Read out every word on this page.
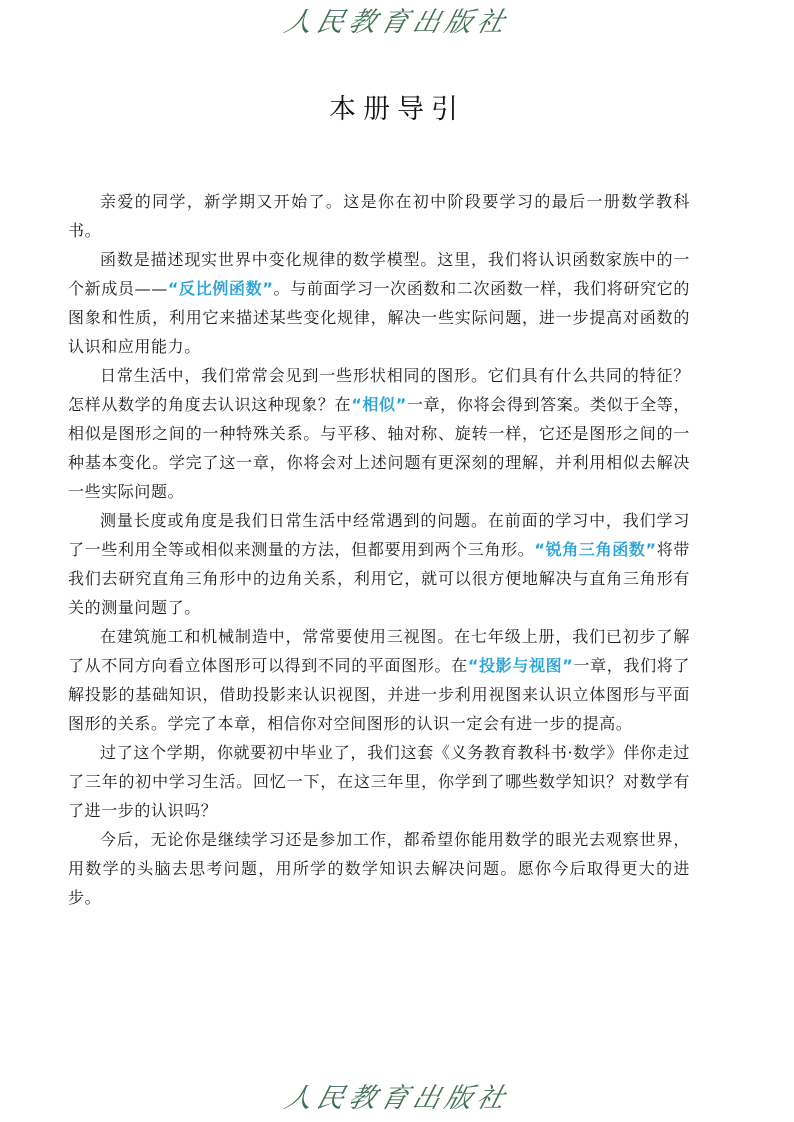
人民教育出版社
本册导引

亲爱的同学，新学期又开始了。这是你在初中阶段要学习的最后一册数学教科书。

函数是描述现实世界中变化规律的数学模型。这里，我们将认识函数家族中的一个新成员——“反比例函数”。与前面学习一次函数和二次函数一样，我们将研究它的图象和性质，利用它来描述某些变化规律，解决一些实际问题，进一步提高对函数的认识和应用能力。

日常生活中，我们常常会见到一些形状相同的图形。它们具有什么共同的特征？怎样从数学的角度去认识这种现象？在“相似”一章，你将会得到答案。类似于全等，相似是图形之间的一种特殊关系。与平移、轴对称、旋转一样，它还是图形之间的一种基本变化。学完了这一章，你将会对上述问题有更深刻的理解，并利用相似去解决一些实际问题。

测量长度或角度是我们日常生活中经常遇到的问题。在前面的学习中，我们学习了一些利用全等或相似来测量的方法，但都要用到两个三角形。“锐角三角函数”将带我们去研究直角三角形中的边角关系，利用它，就可以很方便地解决与直角三角形有关的测量问题了。

在建筑施工和机械制造中，常常要使用三视图。在七年级上册，我们已初步了解了从不同方向看立体图形可以得到不同的平面图形。在“投影与视图”一章，我们将了解投影的基础知识，借助投影来认识视图，并进一步利用视图来认识立体图形与平面图形的关系。学完了本章，相信你对空间图形的认识一定会有进一步的提高。

过了这个学期，你就要初中毕业了，我们这套《义务教育教科书·数学》伴你走过了三年的初中学习生活。回忆一下，在这三年里，你学到了哪些数学知识？对数学有了进一步的认识吗？

今后，无论你是继续学习还是参加工作，都希望你能用数学的眼光去观察世界，用数学的头脑去思考问题，用所学的数学知识去解决问题。愿你今后取得更大的进步。

人民教育出版社
